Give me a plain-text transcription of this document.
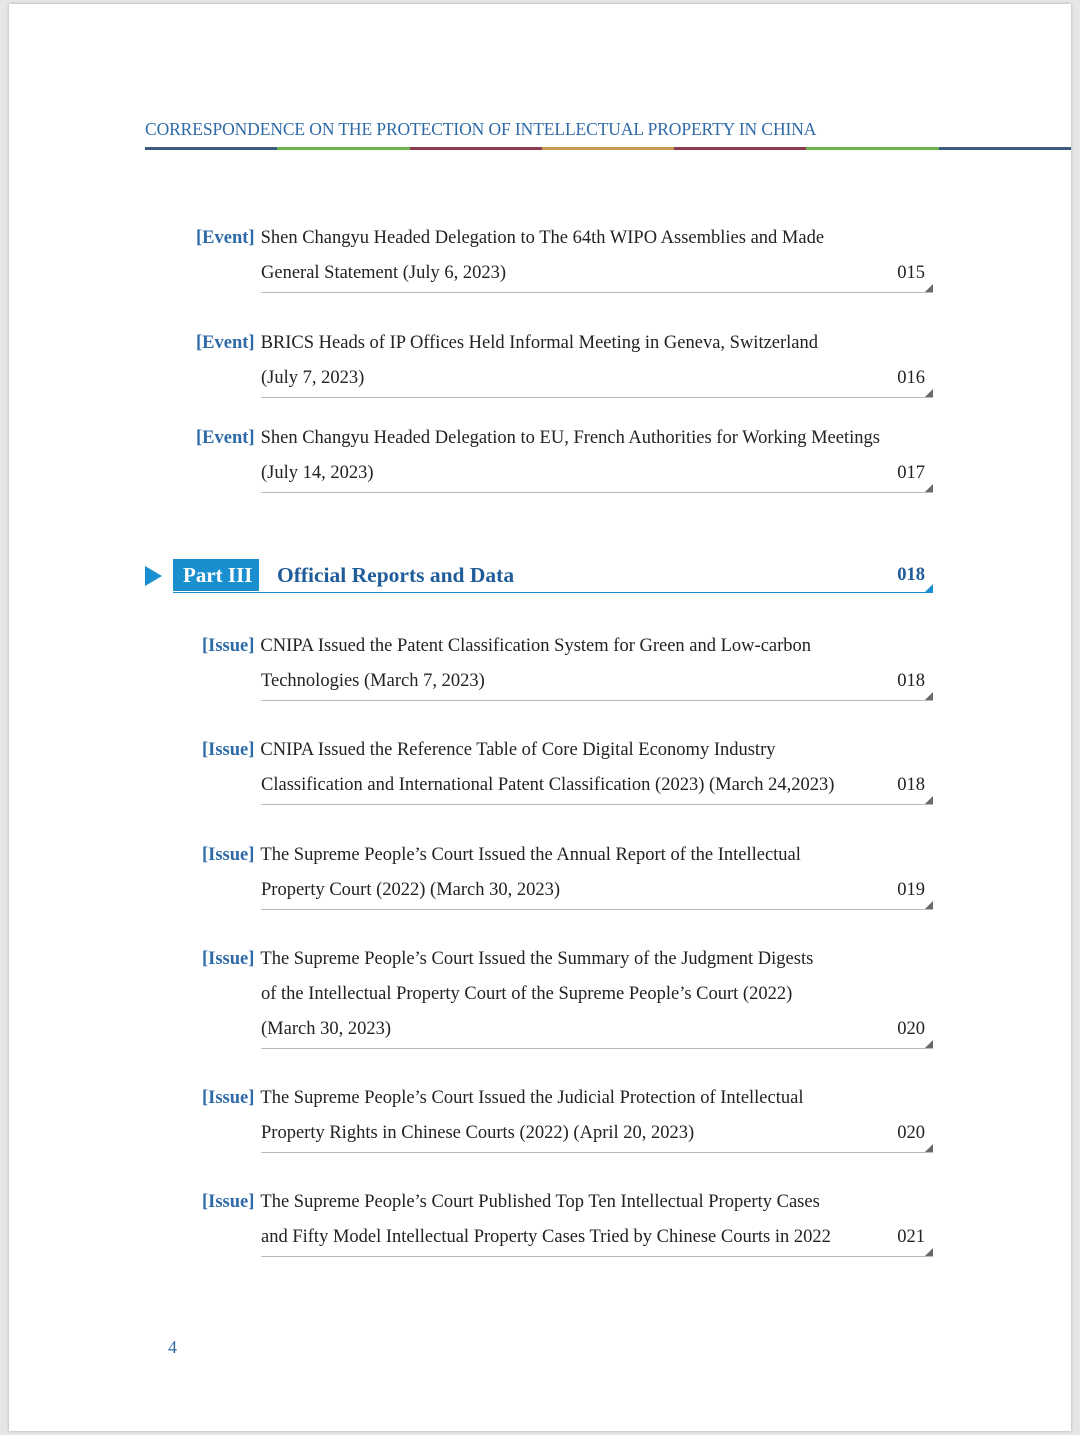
CORRESPONDENCE ON THE PROTECTION OF INTELLECTUAL PROPERTY IN CHINA
[Event] Shen Changyu Headed Delegation to The 64th WIPO Assemblies and Made
General Statement (July 6, 2023)	015
[Event] BRICS Heads of IP Offices Held Informal Meeting in Geneva, Switzerland
(July 7, 2023)	016
[Event] Shen Changyu Headed Delegation to EU, French Authorities for Working Meetings
(July 14, 2023)	017
Part III	Official Reports and Data	018
[Issue] CNIPA Issued the Patent Classification System for Green and Low-carbon
Technologies (March 7, 2023)	018
[Issue] CNIPA Issued the Reference Table of Core Digital Economy Industry
Classification and International Patent Classification (2023) (March 24,2023)	018
[Issue] The Supreme People’s Court Issued the Annual Report of the Intellectual
Property Court (2022) (March 30, 2023)	019
[Issue] The Supreme People’s Court Issued the Summary of the Judgment Digests
of the Intellectual Property Court of the Supreme People’s Court (2022)
(March 30, 2023)	020
[Issue] The Supreme People’s Court Issued the Judicial Protection of Intellectual
Property Rights in Chinese Courts (2022) (April 20, 2023)	020
[Issue] The Supreme People’s Court Published Top Ten Intellectual Property Cases
and Fifty Model Intellectual Property Cases Tried by Chinese Courts in 2022	021
4
